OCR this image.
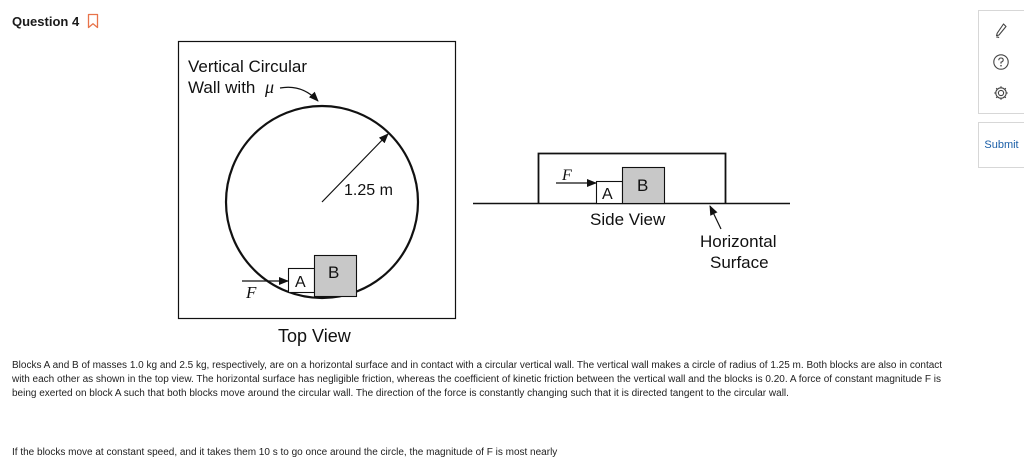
Question 4
Vertical Circular
Wall with μ
1.25 m
A
B
F
Top View
A B
F
Side View
Horizontal
Surface
Submit
Blocks A and B of masses 1.0 kg and 2.5 kg, respectively, are on a horizontal surface and in contact with a circular vertical wall. The vertical wall makes a circle of radius of 1.25 m. Both blocks are also in contact with each other as shown in the top view. The horizontal surface has negligible friction, whereas the coefficient of kinetic friction between the vertical wall and the blocks is 0.20. A force of constant magnitude F is being exerted on block A such that both blocks move around the circular wall. The direction of the force is constantly changing such that it is directed tangent to the circular wall.
If the blocks move at constant speed, and it takes them 10 s to go once around the circle, the magnitude of F is most nearly
